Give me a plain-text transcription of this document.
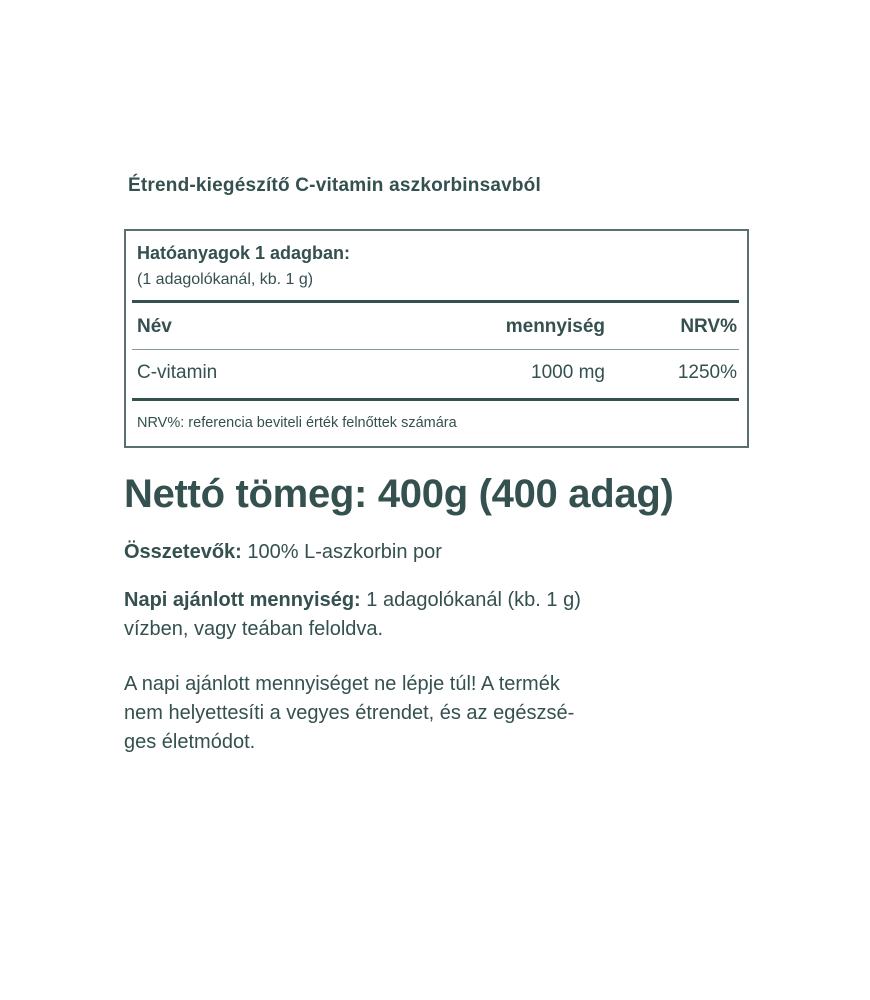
Étrend-kiegészítő C-vitamin aszkorbinsavból
Hatóanyagok 1 adagban:
(1 adagolókanál, kb. 1 g)
Név	mennyiség	NRV%
C-vitamin	1000 mg	1250%
NRV%: referencia beviteli érték felnőttek számára
Nettó tömeg: 400g (400 adag)
Összetevők: 100% L-aszkorbin por
Napi ajánlott mennyiség: 1 adagolókanál (kb. 1 g)
vízben, vagy teában feloldva.
A napi ajánlott mennyiséget ne lépje túl! A termék
nem helyettesíti a vegyes étrendet, és az egészsé-
ges életmódot.
